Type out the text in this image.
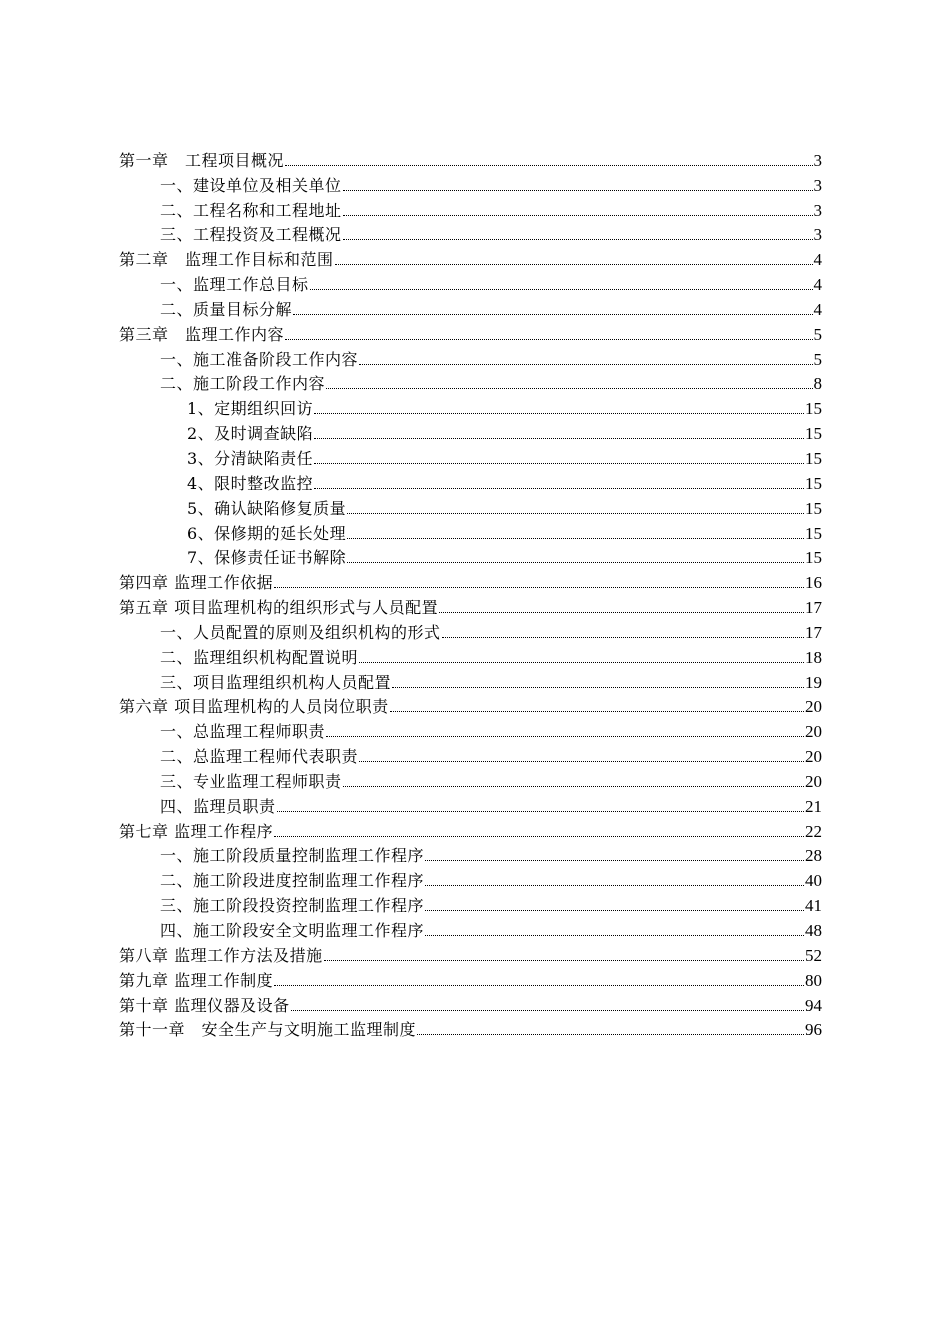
第一章　工程项目概况	3
一、建设单位及相关单位	3
二、工程名称和工程地址	3
三、工程投资及工程概况	3
第二章　监理工作目标和范围	4
一、监理工作总目标	4
二、质量目标分解	4
第三章　监理工作内容	5
一、施工准备阶段工作内容	5
二、施工阶段工作内容	8
1、定期组织回访	15
2、及时调查缺陷	15
3、分清缺陷责任	15
4、限时整改监控	15
5、确认缺陷修复质量	15
6、保修期的延长处理	15
7、保修责任证书解除	15
第四章 监理工作依据	16
第五章 项目监理机构的组织形式与人员配置	17
一、人员配置的原则及组织机构的形式	17
二、监理组织机构配置说明	18
三、项目监理组织机构人员配置	19
第六章 项目监理机构的人员岗位职责	20
一、总监理工程师职责	20
二、总监理工程师代表职责	20
三、专业监理工程师职责	20
四、监理员职责	21
第七章 监理工作程序	22
一、施工阶段质量控制监理工作程序	28
二、施工阶段进度控制监理工作程序	40
三、施工阶段投资控制监理工作程序	41
四、施工阶段安全文明监理工作程序	48
第八章 监理工作方法及措施	52
第九章 监理工作制度	80
第十章 监理仪器及设备	94
第十一章　安全生产与文明施工监理制度	96
